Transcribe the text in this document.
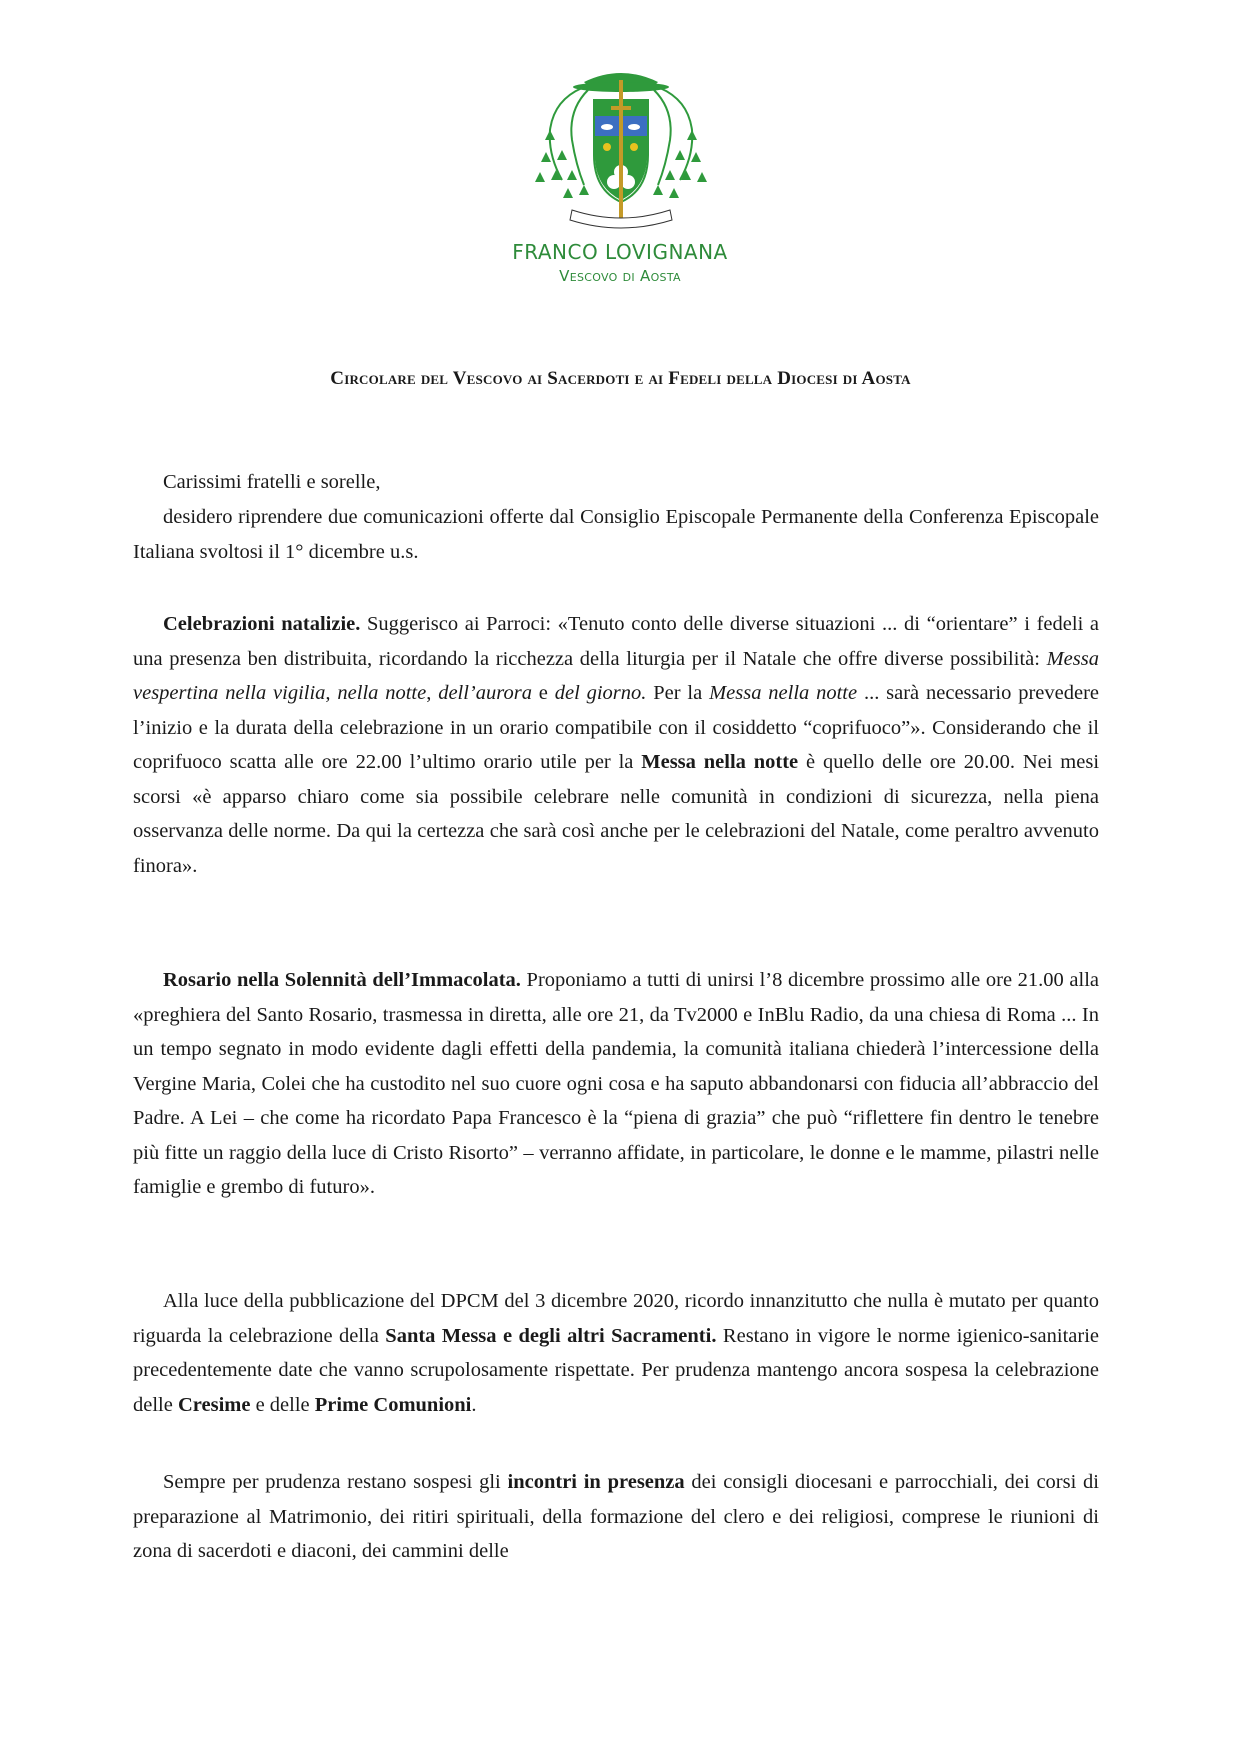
FRANCO LOVIGNANA
Vescovo di Aosta
Circolare del Vescovo ai Sacerdoti e ai Fedeli della Diocesi di Aosta

Carissimi fratelli e sorelle,

desidero riprendere due comunicazioni offerte dal Consiglio Episcopale Permanente della Conferenza Episcopale Italiana svoltosi il 1° dicembre u.s.

Celebrazioni natalizie. Suggerisco ai Parroci: «Tenuto conto delle diverse situazioni ... di “orientare” i fedeli a una presenza ben distribuita, ricordando la ricchezza della liturgia per il Natale che offre diverse possibilità: Messa vespertina nella vigilia, nella notte, dell’aurora e del giorno. Per la Messa nella notte ... sarà necessario prevedere l’inizio e la durata della celebrazione in un orario compatibile con il cosiddetto “coprifuoco”». Considerando che il coprifuoco scatta alle ore 22.00 l’ultimo orario utile per la Messa nella notte è quello delle ore 20.00. Nei mesi scorsi «è apparso chiaro come sia possibile celebrare nelle comunità in condizioni di sicurezza, nella piena osservanza delle norme. Da qui la certezza che sarà così anche per le celebrazioni del Natale, come peraltro avvenuto finora».

Rosario nella Solennità dell’Immacolata. Proponiamo a tutti di unirsi l’8 dicembre prossimo alle ore 21.00 alla «preghiera del Santo Rosario, trasmessa in diretta, alle ore 21, da Tv2000 e InBlu Radio, da una chiesa di Roma ... In un tempo segnato in modo evidente dagli effetti della pandemia, la comunità italiana chiederà l’intercessione della Vergine Maria, Colei che ha custodito nel suo cuore ogni cosa e ha saputo abbandonarsi con fiducia all’abbraccio del Padre. A Lei – che come ha ricordato Papa Francesco è la “piena di grazia” che può “riflettere fin dentro le tenebre più fitte un raggio della luce di Cristo Risorto” – verranno affidate, in particolare, le donne e le mamme, pilastri nelle famiglie e grembo di futuro».

Alla luce della pubblicazione del DPCM del 3 dicembre 2020, ricordo innanzitutto che nulla è mutato per quanto riguarda la celebrazione della Santa Messa e degli altri Sacramenti. Restano in vigore le norme igienico-sanitarie precedentemente date che vanno scrupolosamente rispettate. Per prudenza mantengo ancora sospesa la celebrazione delle Cresime e delle Prime Comunioni.

Sempre per prudenza restano sospesi gli incontri in presenza dei consigli diocesani e parrocchiali, dei corsi di preparazione al Matrimonio, dei ritiri spirituali, della formazione del clero e dei religiosi, comprese le riunioni di zona di sacerdoti e diaconi, dei cammini delle
